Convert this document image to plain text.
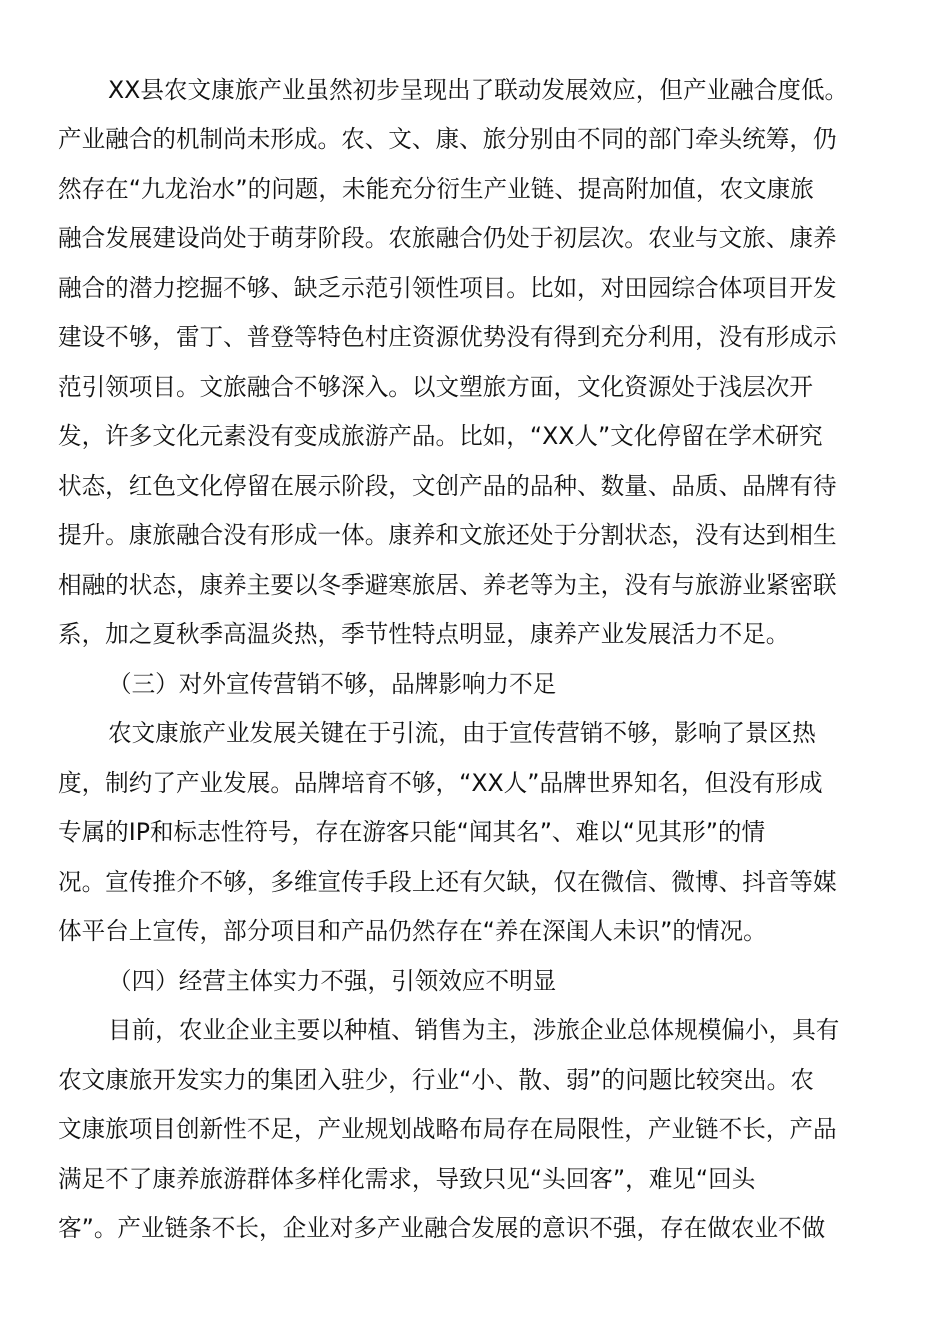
XX县农文康旅产业虽然初步呈现出了联动发展效应，但产业融合度低。
产业融合的机制尚未形成。农、文、康、旅分别由不同的部门牵头统筹，仍
然存在“九龙治水”的问题，未能充分衍生产业链、提高附加值，农文康旅
融合发展建设尚处于萌芽阶段。农旅融合仍处于初层次。农业与文旅、康养
融合的潜力挖掘不够、缺乏示范引领性项目。比如，对田园综合体项目开发
建设不够，雷丁、普登等特色村庄资源优势没有得到充分利用，没有形成示
范引领项目。文旅融合不够深入。以文塑旅方面，文化资源处于浅层次开
发，许多文化元素没有变成旅游产品。比如，“XX人”文化停留在学术研究
状态，红色文化停留在展示阶段，文创产品的品种、数量、品质、品牌有待
提升。康旅融合没有形成一体。康养和文旅还处于分割状态，没有达到相生
相融的状态，康养主要以冬季避寒旅居、养老等为主，没有与旅游业紧密联
系，加之夏秋季高温炎热，季节性特点明显，康养产业发展活力不足。
（三）对外宣传营销不够，品牌影响力不足
农文康旅产业发展关键在于引流，由于宣传营销不够，影响了景区热
度，制约了产业发展。品牌培育不够，“XX人”品牌世界知名，但没有形成
专属的IP和标志性符号，存在游客只能“闻其名”、难以“见其形”的情
况。宣传推介不够，多维宣传手段上还有欠缺，仅在微信、微博、抖音等媒
体平台上宣传，部分项目和产品仍然存在“养在深闺人未识”的情况。
（四）经营主体实力不强，引领效应不明显
目前，农业企业主要以种植、销售为主，涉旅企业总体规模偏小，具有
农文康旅开发实力的集团入驻少，行业“小、散、弱”的问题比较突出。农
文康旅项目创新性不足，产业规划战略布局存在局限性，产业链不长，产品
满足不了康养旅游群体多样化需求，导致只见“头回客”，难见“回头
客”。产业链条不长，企业对多产业融合发展的意识不强，存在做农业不做
